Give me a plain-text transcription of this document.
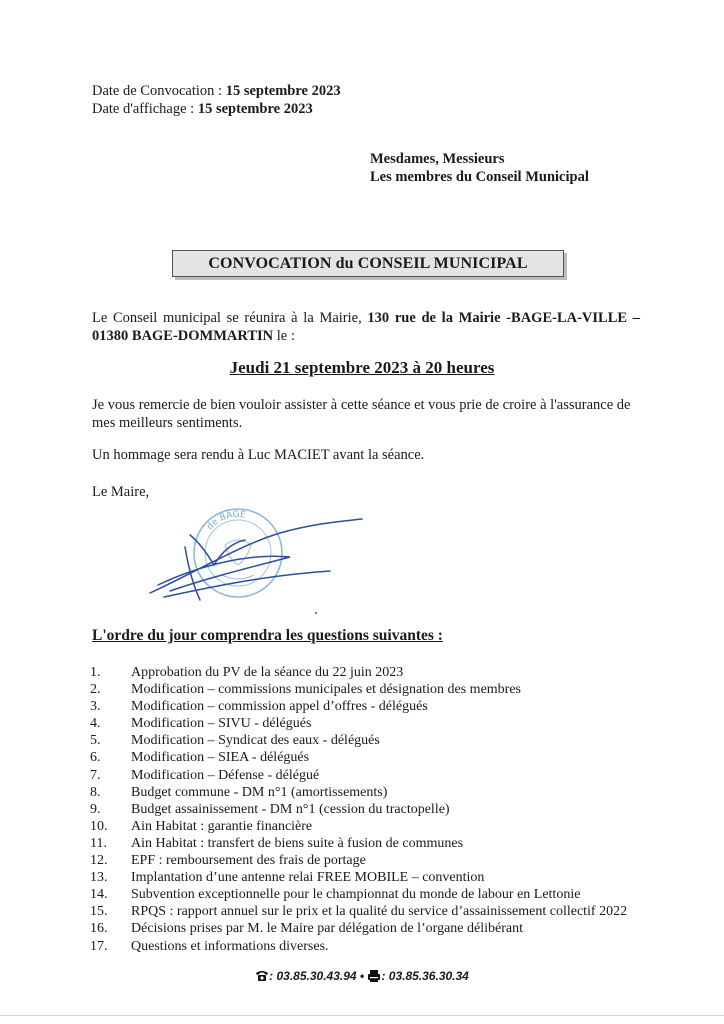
Date de Convocation : 15 septembre 2023
Date d'affichage : 15 septembre 2023
Mesdames, Messieurs
Les membres du Conseil Municipal
CONVOCATION du CONSEIL MUNICIPAL
Le Conseil municipal se réunira à la Mairie, 130 rue de la Mairie -BAGE-LA-VILLE – 01380 BAGE-DOMMARTIN le :
Jeudi 21 septembre 2023 à 20 heures
Je vous remercie de bien vouloir assister à cette séance et vous prie de croire à l'assurance de mes meilleurs sentiments.
Un hommage sera rendu à Luc MACIET avant la séance.
Le Maire,
de BÂGE
L'ordre du jour comprendra les questions suivantes :
1.	Approbation du PV de la séance du 22 juin 2023
2.	Modification – commissions municipales et désignation des membres
3.	Modification – commission appel d’offres - délégués
4.	Modification – SIVU - délégués
5.	Modification – Syndicat des eaux - délégués
6.	Modification – SIEA - délégués
7.	Modification – Défense - délégué
8.	Budget commune - DM n°1 (amortissements)
9.	Budget assainissement - DM n°1 (cession du tractopelle)
10.	Ain Habitat : garantie financière
11.	Ain Habitat : transfert de biens suite à fusion de communes
12.	EPF : remboursement des frais de portage
13.	Implantation d’une antenne relai FREE MOBILE – convention
14.	Subvention exceptionnelle pour le championnat du monde de labour en Lettonie
15.	RPQS : rapport annuel sur le prix et la qualité du service d’assainissement collectif 2022
16.	Décisions prises par M. le Maire par délégation de l’organe délibérant
17.	Questions et informations diverses.
: 03.85.30.43.94 • : 03.85.36.30.34
